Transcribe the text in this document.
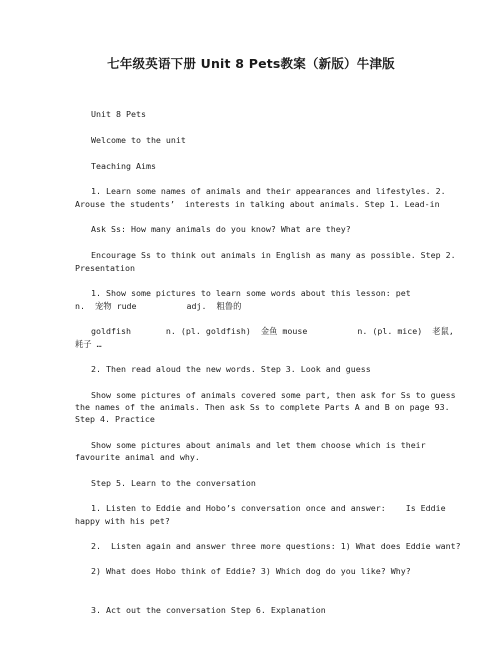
七年级英语下册 Unit 8 Pets教案（新版）牛津版
Unit 8 Pets
Welcome to the unit
Teaching Aims
1. Learn some names of animals and their appearances and lifestyles. 2.
Arouse the students’  interests in talking about animals. Step 1. Lead-in
Ask Ss: How many animals do you know? What are they?
Encourage Ss to think out animals in English as many as possible. Step 2.
Presentation
1. Show some pictures to learn some words about this lesson: pet
n.  宠物 rude          adj.  粗鲁的
goldfish       n. (pl. goldfish)  金鱼 mouse          n. (pl. mice)  老鼠,
耗子 …
2. Then read aloud the new words. Step 3. Look and guess
Show some pictures of animals covered some part, then ask for Ss to guess
the names of the animals. Then ask Ss to complete Parts A and B on page 93.
Step 4. Practice
Show some pictures about animals and let them choose which is their
favourite animal and why.
Step 5. Learn to the conversation
1. Listen to Eddie and Hobo’s conversation once and answer:    Is Eddie
happy with his pet?
2.  Listen again and answer three more questions: 1) What does Eddie want?
2) What does Hobo think of Eddie? 3) Which dog do you like? Why?
3. Act out the conversation Step 6. Explanation
